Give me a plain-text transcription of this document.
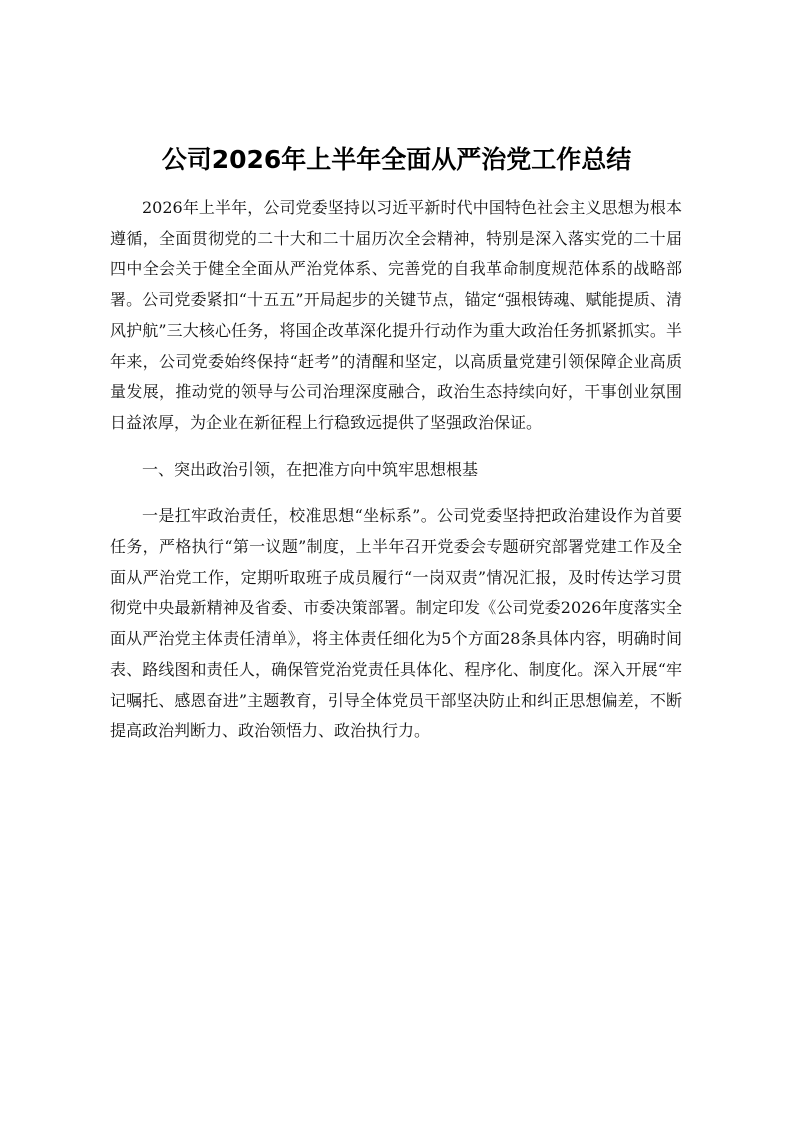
公司2026年上半年全面从严治党工作总结

2026年上半年，公司党委坚持以习近平新时代中国特色社会主义思想为根本遵循，全面贯彻党的二十大和二十届历次全会精神，特别是深入落实党的二十届四中全会关于健全全面从严治党体系、完善党的自我革命制度规范体系的战略部署。公司党委紧扣“十五五”开局起步的关键节点，锚定“强根铸魂、赋能提质、清风护航”三大核心任务，将国企改革深化提升行动作为重大政治任务抓紧抓实。半年来，公司党委始终保持“赶考”的清醒和坚定，以高质量党建引领保障企业高质量发展，推动党的领导与公司治理深度融合，政治生态持续向好，干事创业氛围日益浓厚，为企业在新征程上行稳致远提供了坚强政治保证。

一、突出政治引领，在把准方向中筑牢思想根基

一是扛牢政治责任，校准思想“坐标系”。公司党委坚持把政治建设作为首要任务，严格执行“第一议题”制度，上半年召开党委会专题研究部署党建工作及全面从严治党工作，定期听取班子成员履行“一岗双责”情况汇报，及时传达学习贯彻党中央最新精神及省委、市委决策部署。制定印发《公司党委2026年度落实全面从严治党主体责任清单》，将主体责任细化为5个方面28条具体内容，明确时间表、路线图和责任人，确保管党治党责任具体化、程序化、制度化。深入开展“牢记嘱托、感恩奋进”主题教育，引导全体党员干部坚决防止和纠正思想偏差，不断提高政治判断力、政治领悟力、政治执行力。
